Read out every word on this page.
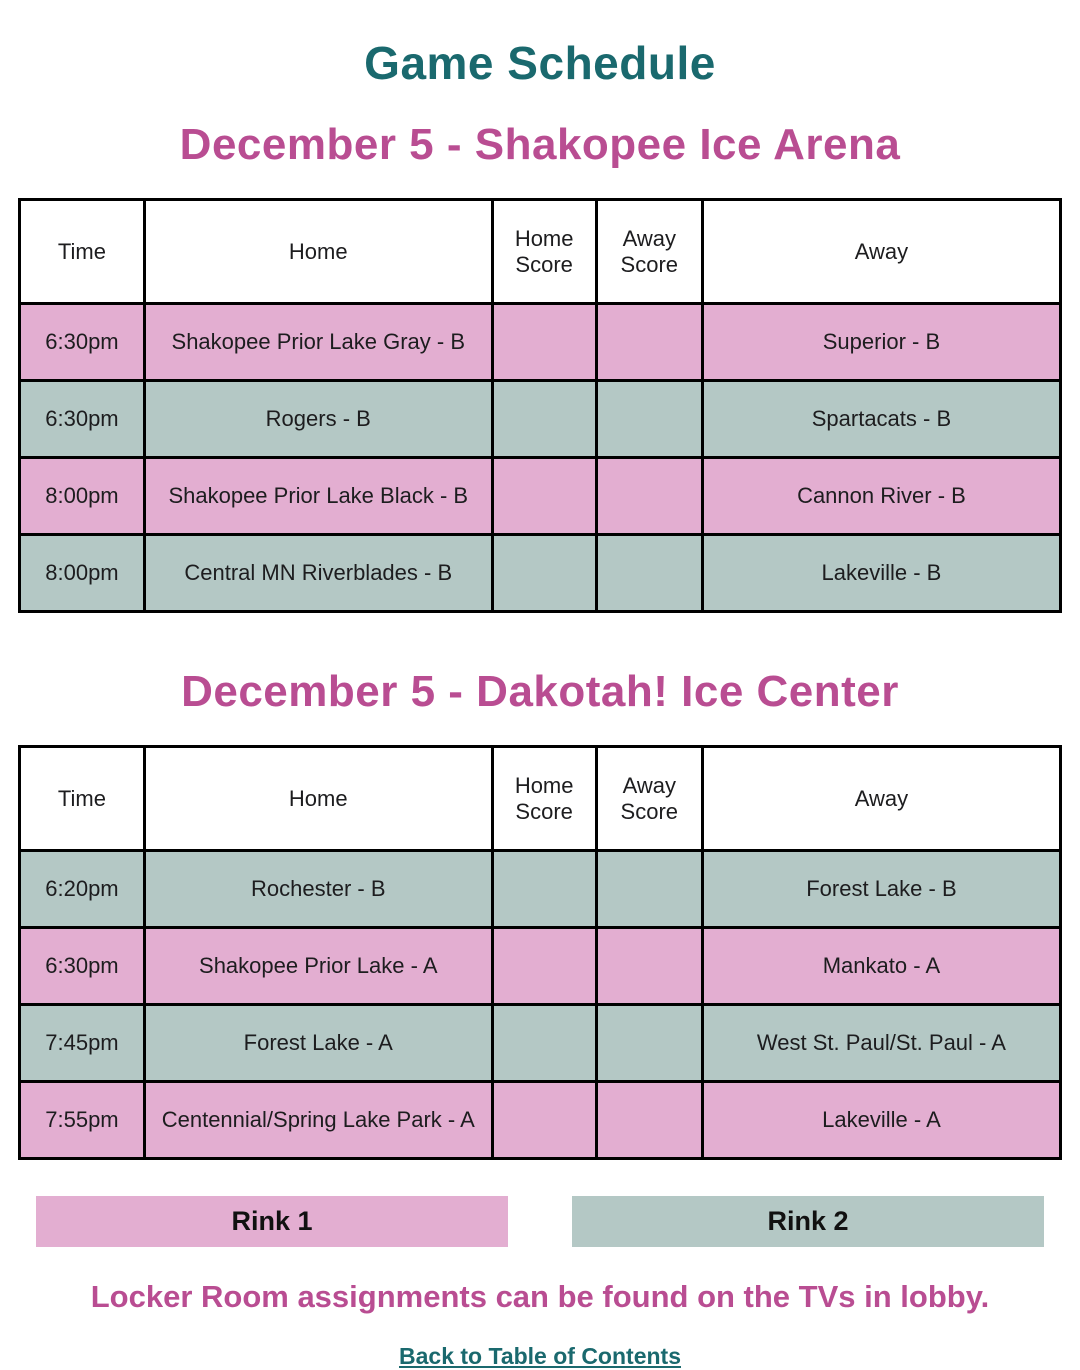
Game Schedule
December 5 - Shakopee Ice Arena
Time	Home	Home Score	Away Score	Away
6:30pm	Shakopee Prior Lake Gray - B			Superior - B
6:30pm	Rogers - B			Spartacats - B
8:00pm	Shakopee Prior Lake Black - B			Cannon River - B
8:00pm	Central MN Riverblades - B			Lakeville - B
December 5 - Dakotah! Ice Center
Time	Home	Home Score	Away Score	Away
6:20pm	Rochester - B			Forest Lake - B
6:30pm	Shakopee Prior Lake - A			Mankato - A
7:45pm	Forest Lake - A			West St. Paul/St. Paul - A
7:55pm	Centennial/Spring Lake Park - A			Lakeville - A
Rink 1	Rink 2
Locker Room assignments can be found on the TVs in lobby.
Back to Table of Contents
